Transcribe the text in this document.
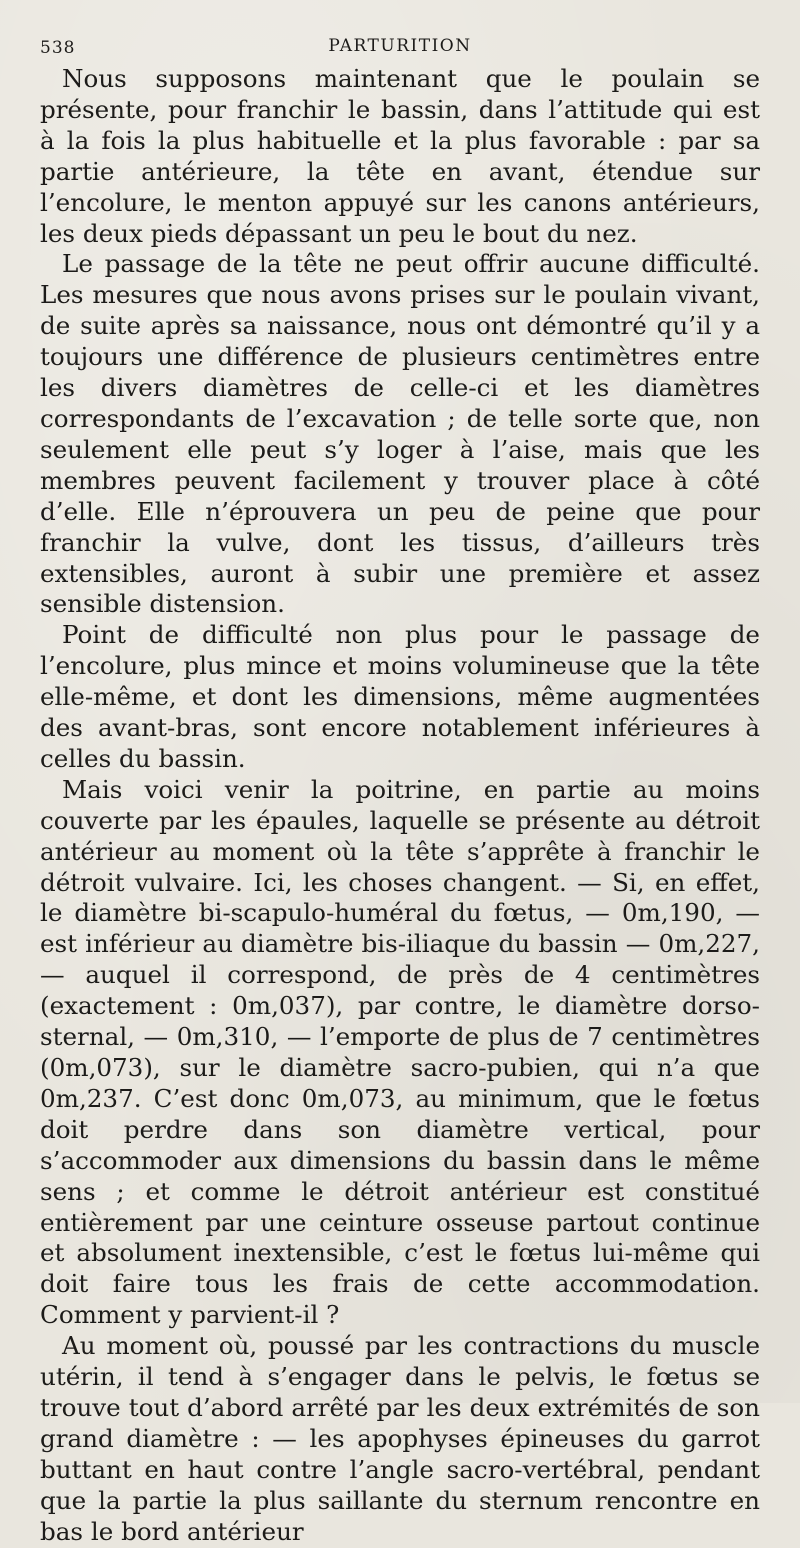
538	PARTURITION

Nous supposons maintenant que le poulain se présente, pour franchir le bassin, dans l’attitude qui est à la fois la plus habituelle et la plus favorable : par sa partie antérieure, la tête en avant, étendue sur l’encolure, le menton appuyé sur les canons antérieurs, les deux pieds dépassant un peu le bout du nez.

Le passage de la tête ne peut offrir aucune difficulté. Les mesures que nous avons prises sur le poulain vivant, de suite après sa naissance, nous ont démontré qu’il y a toujours une différence de plusieurs centimètres entre les divers diamètres de celle-ci et les diamètres correspondants de l’excavation ; de telle sorte que, non seulement elle peut s’y loger à l’aise, mais que les membres peuvent facilement y trouver place à côté d’elle. Elle n’éprouvera un peu de peine que pour franchir la vulve, dont les tissus, d’ailleurs très extensibles, auront à subir une première et assez sensible distension.

Point de difficulté non plus pour le passage de l’encolure, plus mince et moins volumineuse que la tête elle-même, et dont les dimensions, même augmentées des avant-bras, sont encore notablement inférieures à celles du bassin.

Mais voici venir la poitrine, en partie au moins couverte par les épaules, laquelle se présente au détroit antérieur au moment où la tête s’apprête à franchir le détroit vulvaire. Ici, les choses changent. — Si, en effet, le diamètre bi-scapulo-huméral du fœtus, — 0m,190, — est inférieur au diamètre bis-iliaque du bassin — 0m,227, — auquel il correspond, de près de 4 centimètres (exactement : 0m,037), par contre, le diamètre dorso-sternal, — 0m,310, — l’emporte de plus de 7 centimètres (0m,073), sur le diamètre sacro-pubien, qui n’a que 0m,237. C’est donc 0m,073, au minimum, que le fœtus doit perdre dans son diamètre vertical, pour s’accommoder aux dimensions du bassin dans le même sens ; et comme le détroit antérieur est constitué entièrement par une ceinture osseuse partout continue et absolument inextensible, c’est le fœtus lui-même qui doit faire tous les frais de cette accommodation. Comment y parvient-il ?

Au moment où, poussé par les contractions du muscle utérin, il tend à s’engager dans le pelvis, le fœtus se trouve tout d’abord arrêté par les deux extrémités de son grand diamètre : — les apophyses épineuses du garrot buttant en haut contre l’angle sacro-vertébral, pendant que la partie la plus saillante du sternum rencontre en bas le bord antérieur
